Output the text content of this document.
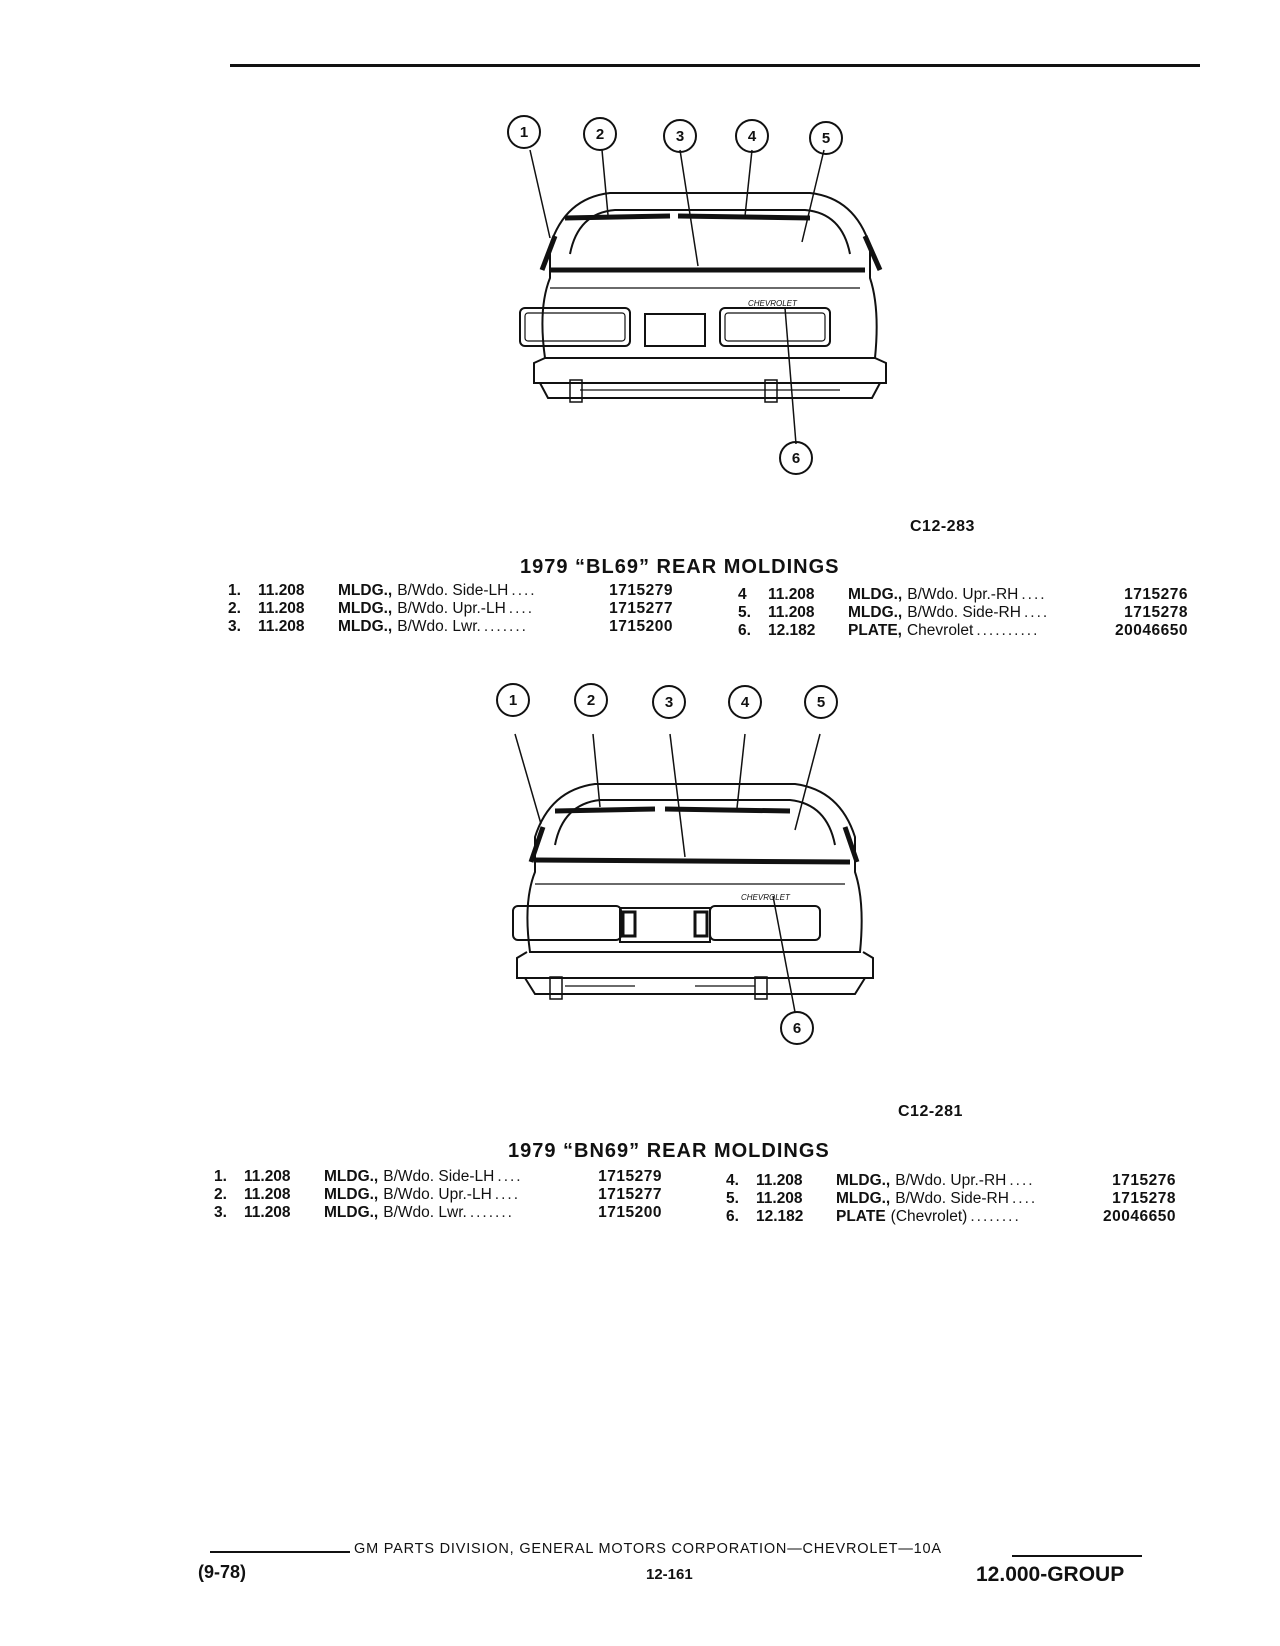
CHEVROLET
1	2	3	4	5
6
C12-283
1979 “BL69” REAR MOLDINGS
1.	11.208	MLDG., B/Wdo. Side-LH ....	1715279
2.	11.208	MLDG., B/Wdo. Upr.-LH ....	1715277
3.	11.208	MLDG., B/Wdo. Lwr. .......	1715200
4	11.208	MLDG., B/Wdo. Upr.-RH ....	1715276
5.	11.208	MLDG., B/Wdo. Side-RH ....	1715278
6.	12.182	PLATE, Chevrolet ..........	20046650
CHEVROLET
1	2	3	4	5
6
C12-281
1979 “BN69” REAR MOLDINGS
1.	11.208	MLDG., B/Wdo. Side-LH ....	1715279
2.	11.208	MLDG., B/Wdo. Upr.-LH ....	1715277
3.	11.208	MLDG., B/Wdo. Lwr. .......	1715200
4.	11.208	MLDG., B/Wdo. Upr.-RH ....	1715276
5.	11.208	MLDG., B/Wdo. Side-RH ....	1715278
6.	12.182	PLATE (Chevrolet) ........	20046650
GM PARTS DIVISION, GENERAL MOTORS CORPORATION—CHEVROLET—10A
(9-78)	12-161	12.000-GROUP
